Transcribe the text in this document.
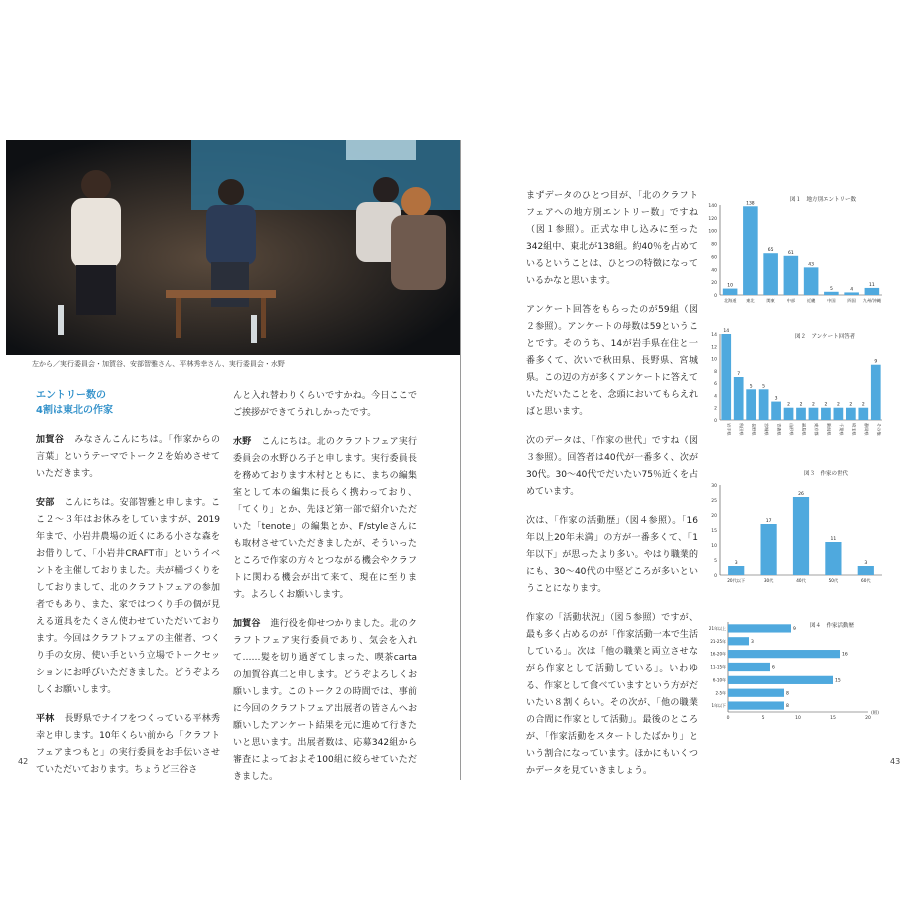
左から／実行委員会・加賀谷、安部智雅さん、平林秀幸さん、実行委員会・水野
エントリー数の
4割は東北の作家

加賀谷 みなさんこんにちは。「作家からの言葉」というテーマでトーク２を始めさせていただきます。

安部 こんにちは。安部智雅と申します。ここ２〜３年はお休みをしていますが、2019年まで、小岩井農場の近くにある小さな森をお借りして、「小岩井CRAFT市」というイベントを主催しておりました。夫が桶づくりをしておりまして、北のクラフトフェアの参加者でもあり、また、家ではつくり手の個が見える道具をたくさん使わせていただいております。今回はクラフトフェアの主催者、つくり手の女房、使い手という立場でトークセッションにお呼びいただきました。どうぞよろしくお願いします。

平林 長野県でナイフをつくっている平林秀幸と申します。10年くらい前から「クラフトフェアまつもと」の実行委員をお手伝いさせていただいております。ちょうど三谷さ

んと入れ替わりくらいですかね。今日ここでご挨拶ができてうれしかったです。

水野 こんにちは。北のクラフトフェア実行委員会の水野ひろ子と申します。実行委員長を務めております木村とともに、まちの編集室として本の編集に長らく携わっており、「てくり」とか、先ほど第一部で紹介いただいた「tenote」の編集とか、F/styleさんにも取材させていただきましたが、そういったところで作家の方々とつながる機会やクラフトに関わる機会が出て来て、現在に至ります。よろしくお願いします。

加賀谷 進行役を仰せつかりました。北のクラフトフェア実行委員であり、気会を入れて……髪を切り過ぎてしまった、喫茶cartaの加賀谷真二と申します。どうぞよろしくお願いします。このトーク２の時間では、事前に今回のクラフトフェア出展者の皆さんへお願いしたアンケート結果を元に進めて行きたいと思います。出展者数は、応募342組から審査によっておよそ100組に絞らせていただきました。

42

まずデータのひとつ目が、「北のクラフトフェアへの地方別エントリー数」ですね（図１参照）。正式な申し込みに至った342組中、東北が138組。約40％を占めているということは、ひとつの特徴になっているかなと思います。

アンケート回答をもらったのが59組（図２参照）。アンケートの母数は59ということです。そのうち、14が岩手県在住と一番多くて、次いで秋田県、長野県、宮城県。この辺の方が多くアンケートに答えていただいたことを、念頭においてもらえればと思います。

次のデータは、「作家の世代」ですね（図３参照）。回答者は40代が一番多く、次が30代。30〜40代でだいたい75％近くを占めています。

次は、「作家の活動歴」（図４参照）。「16年以上20年未満」の方が一番多くて、「1年以下」が思ったより多い。やはり職業的にも、30〜40代の中堅どころが多いということになります。

作家の「活動状況」（図５参照）ですが、最も多く占めるのが「作家活動一本で生活している」。次は「他の職業と両立させながら作家として活動している」。いわゆる、作家として食べていますという方がだいたい８割くらい。その次が、「他の職業の合間に作家として活動」。最後のところが、「作家活動をスタートしたばかり」という割合になっています。ほかにもいくつかデータを見ていきましょう。

図１　地方別エントリー数
0
20
40
60
80
100
120
140
10
北海道
138
東北
65
関東
61
中部
43
近畿
5
中国
4
四国
11
九州/沖縄
図２　アンケート回答者
0
2
4
6
8
10
12
14
14
岩手県
7
秋田県
5
長野県
5
宮城県
3
青森県
2
山形県
2
福島県
2
東京都
2
新潟県
2
千葉県
2
埼玉県
2
静岡県
9
その他
図３　作家の世代
0
5
10
15
20
25
30
3
20代以下
17
30代
26
40代
11
50代
3
60代
図４　作家活動歴
0	5	10	15	20
(組)
9
21年以上
3
21-25年
16
16-20年
6
11-15年
15
6-10年
8
2-5年
8
1年以下
43
